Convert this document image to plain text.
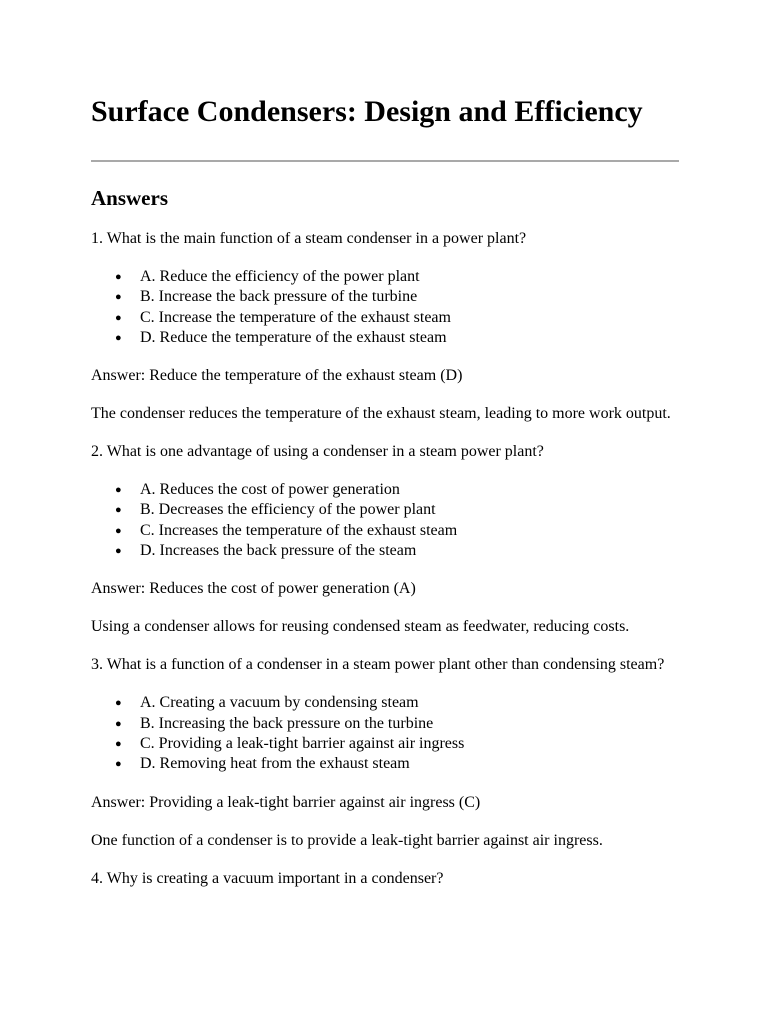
Surface Condensers: Design and Efficiency
Answers

1. What is the main function of a steam condenser in a power plant?

● A. Reduce the efficiency of the power plant
● B. Increase the back pressure of the turbine
● C. Increase the temperature of the exhaust steam
● D. Reduce the temperature of the exhaust steam

Answer: Reduce the temperature of the exhaust steam (D)

The condenser reduces the temperature of the exhaust steam, leading to more work output.

2. What is one advantage of using a condenser in a steam power plant?

● A. Reduces the cost of power generation
● B. Decreases the efficiency of the power plant
● C. Increases the temperature of the exhaust steam
● D. Increases the back pressure of the steam

Answer: Reduces the cost of power generation (A)

Using a condenser allows for reusing condensed steam as feedwater, reducing costs.

3. What is a function of a condenser in a steam power plant other than condensing steam?

● A. Creating a vacuum by condensing steam
● B. Increasing the back pressure on the turbine
● C. Providing a leak-tight barrier against air ingress
● D. Removing heat from the exhaust steam

Answer: Providing a leak-tight barrier against air ingress (C)

One function of a condenser is to provide a leak-tight barrier against air ingress.

4. Why is creating a vacuum important in a condenser?
